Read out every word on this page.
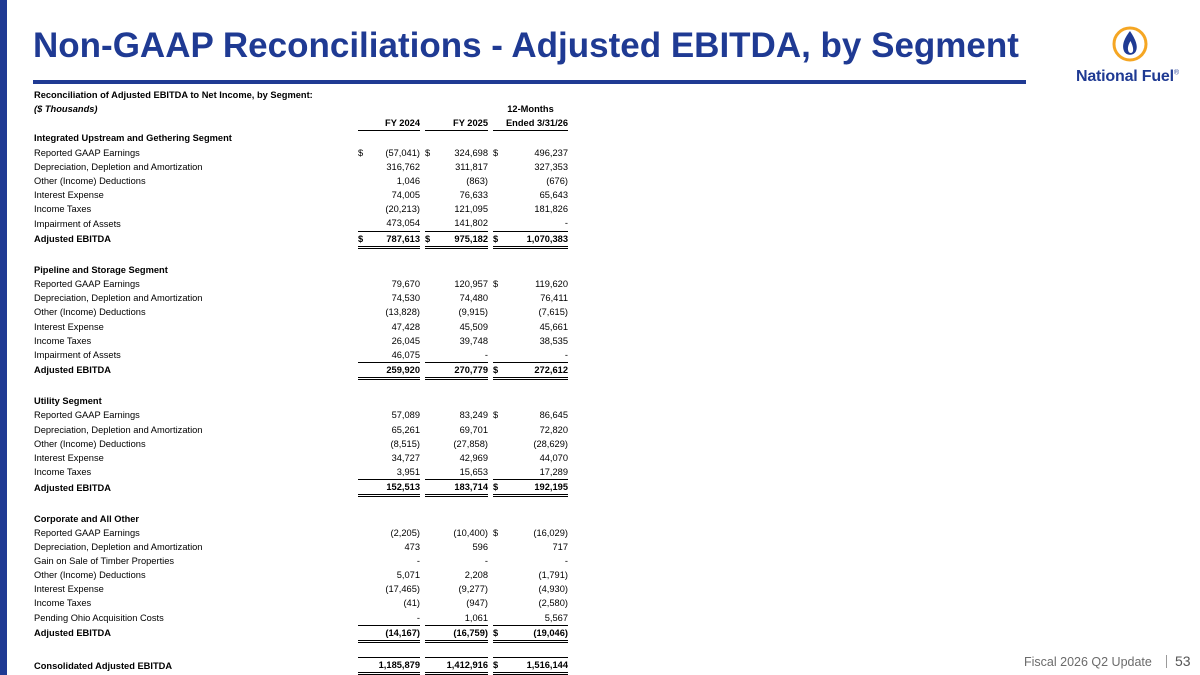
Non-GAAP Reconciliations - Adjusted EBITDA, by Segment
National Fuel®
Reconciliation of Adjusted EBITDA to Net Income, by Segment:									
($ Thousands)								12-Months	
		FY 2024			FY 2025			Ended 3/31/26	
Integrated Upstream and Gethering Segment									
Reported GAAP Earnings		$	(57,041)		$	324,698		$	496,237
Depreciation, Depletion and Amortization			316,762			311,817			327,353
Other (Income) Deductions			1,046			(863)			(676)
Interest Expense			74,005			76,633			65,643
Income Taxes			(20,213)			121,095			181,826
Impairment of Assets			473,054			141,802			-
Adjusted EBITDA		$	787,613		$	975,182		$	1,070,383

Pipeline and Storage Segment									
Reported GAAP Earnings			79,670			120,957		$	119,620
Depreciation, Depletion and Amortization			74,530			74,480			76,411
Other (Income) Deductions			(13,828)			(9,915)			(7,615)
Interest Expense			47,428			45,509			45,661
Income Taxes			26,045			39,748			38,535
Impairment of Assets			46,075			-			-
Adjusted EBITDA			259,920			270,779		$	272,612

Utility Segment									
Reported GAAP Earnings			57,089			83,249		$	86,645
Depreciation, Depletion and Amortization			65,261			69,701			72,820
Other (Income) Deductions			(8,515)			(27,858)			(28,629)
Interest Expense			34,727			42,969			44,070
Income Taxes			3,951			15,653			17,289
Adjusted EBITDA			152,513			183,714		$	192,195

Corporate and All Other									
Reported GAAP Earnings			(2,205)			(10,400)		$	(16,029)
Depreciation, Depletion and Amortization			473			596			717
Gain on Sale of Timber Properties			-			-			-
Other (Income) Deductions			5,071			2,208			(1,791)
Interest Expense			(17,465)			(9,277)			(4,930)
Income Taxes			(41)			(947)			(2,580)
Pending Ohio Acquisition Costs			-			1,061			5,567
Adjusted EBITDA			(14,167)			(16,759)		$	(19,046)

Consolidated Adjusted EBITDA			1,185,879			1,412,916		$	1,516,144	Fiscal 2026 Q2 Update 53
